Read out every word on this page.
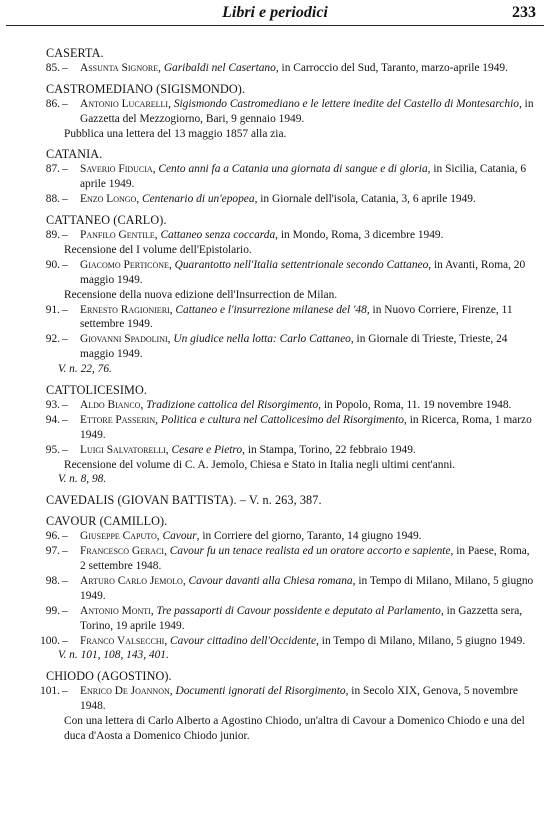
Libri e periodici	233
CASERTA.
85. – Assunta Signore, Garibaldi nel Casertano, in Carroccio del Sud, Taranto, marzo-aprile 1949.
CASTROMEDIANO (SIGISMONDO).
86. – Antonio Lucarelli, Sigismondo Castromediano e le lettere inedite del Castello di Montesarchio, in Gazzetta del Mezzogiorno, Bari, 9 gennaio 1949.
Pubblica una lettera del 13 maggio 1857 alla zia.
CATANIA.
87. – Saverio Fiducia, Cento anni fa a Catania una giornata di sangue e di gloria, in Sicilia, Catania, 6 aprile 1949.
88. – Enzo Longo, Centenario di un'epopea, in Giornale dell'isola, Catania, 3, 6 aprile 1949.
CATTANEO (CARLO).
89. – Panfilo Gentile, Cattaneo senza coccarda, in Mondo, Roma, 3 dicembre 1949.
Recensione del I volume dell'Epistolario.
90. – Giacomo Perticone, Quarantotto nell'Italia settentrionale secondo Cattaneo, in Avanti, Roma, 20 maggio 1949.
Recensione della nuova edizione dell'Insurrection de Milan.
91. – Ernesto Ragionieri, Cattaneo e l'insurrezione milanese del '48, in Nuovo Corriere, Firenze, 11 settembre 1949.
92. – Giovanni Spadolini, Un giudice nella lotta: Carlo Cattaneo, in Giornale di Trieste, Trieste, 24 maggio 1949.
V. n. 22, 76.
CATTOLICESIMO.
93. – Aldo Bianco, Tradizione cattolica del Risorgimento, in Popolo, Roma, 11. 19 novembre 1948.
94. – Ettore Passerin, Politica e cultura nel Cattolicesimo del Risorgimento, in Ricerca, Roma, 1 marzo 1949.
95. – Luigi Salvatorelli, Cesare e Pietro, in Stampa, Torino, 22 febbraio 1949.
Recensione del volume di C. A. Jemolo, Chiesa e Stato in Italia negli ultimi cent'anni.
V. n. 8, 98.
CAVEDALIS (GIOVAN BATTISTA). – V. n. 263, 387.
CAVOUR (CAMILLO).
96. – Giuseppe Caputo, Cavour, in Corriere del giorno, Taranto, 14 giugno 1949.
97. – Francesco Geraci, Cavour fu un tenace realista ed un oratore accorto e sapiente, in Paese, Roma, 2 settembre 1948.
98. – Arturo Carlo Jemolo, Cavour davanti alla Chiesa romana, in Tempo di Milano, Milano, 5 giugno 1949.
99. – Antonio Monti, Tre passaporti di Cavour possidente e deputato al Parlamento, in Gazzetta sera, Torino, 19 aprile 1949.
100. – Franco Valsecchi, Cavour cittadino dell'Occidente, in Tempo di Milano, Milano, 5 giugno 1949.
V. n. 101, 108, 143, 401.
CHIODO (AGOSTINO).
101. – Enrico De Joannon, Documenti ignorati del Risorgimento, in Secolo XIX, Genova, 5 novembre 1948.
Con una lettera di Carlo Alberto a Agostino Chiodo, un'altra di Cavour a Domenico Chiodo e una del duca d'Aosta a Domenico Chiodo junior.
